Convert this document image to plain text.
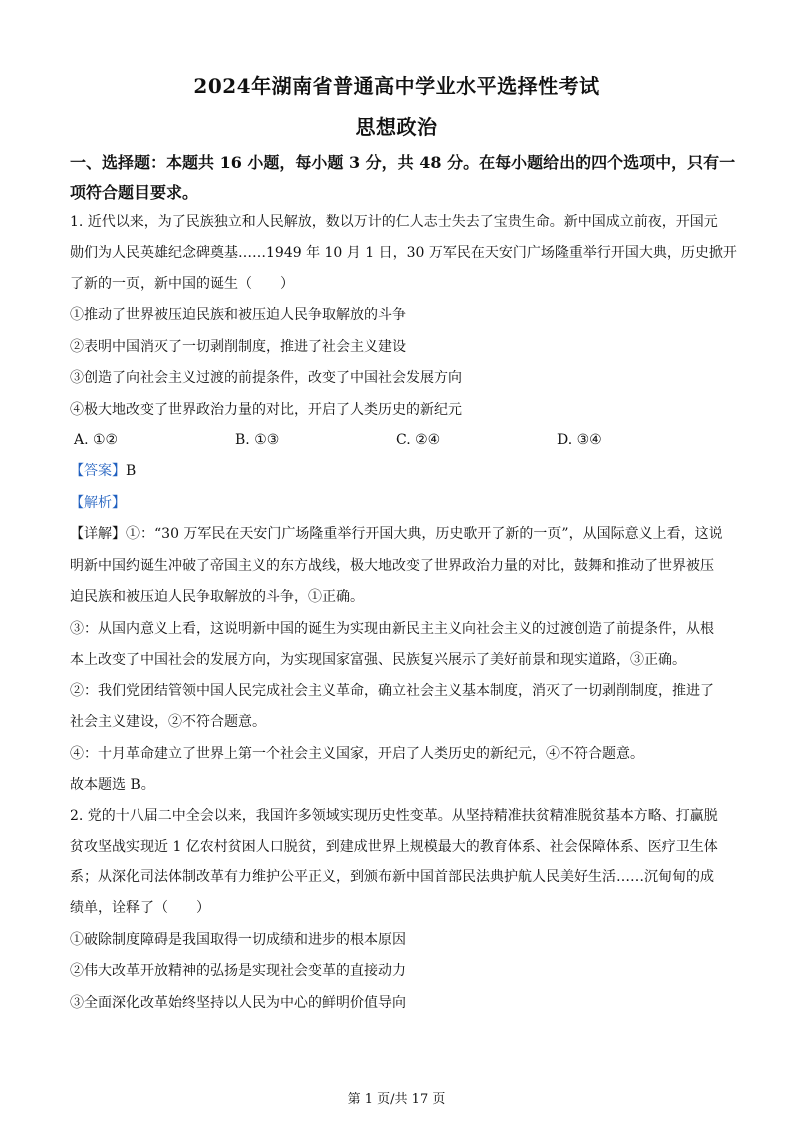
2024年湖南省普通高中学业水平选择性考试
思想政治
一、选择题：本题共 16 小题，每小题 3 分，共 48 分。在每小题给出的四个选项中，只有一
项符合题目要求。
1. 近代以来，为了民族独立和人民解放，数以万计的仁人志士失去了宝贵生命。新中国成立前夜，开国元
勋们为人民英雄纪念碑奠基……1949 年 10 月 1 日，30 万军民在天安门广场隆重举行开国大典，历史掀开
了新的一页，新中国的诞生（　　）
①推动了世界被压迫民族和被压迫人民争取解放的斗争
②表明中国消灭了一切剥削制度，推进了社会主义建设
③创造了向社会主义过渡的前提条件，改变了中国社会发展方向
④极大地改变了世界政治力量的对比，开启了人类历史的新纪元
A. ①②	B. ①③	C. ②④	D. ③④
【答案】B
【解析】
【详解】①：“30 万军民在天安门广场隆重举行开国大典，历史歌开了新的一页”，从国际意义上看，这说
明新中国约诞生冲破了帝国主义的东方战线，极大地改变了世界政治力量的对比，鼓舞和推动了世界被压
迫民族和被压迫人民争取解放的斗争，①正确。
③：从国内意义上看，这说明新中国的诞生为实现由新民主主义向社会主义的过渡创造了前提条件，从根
本上改变了中国社会的发展方向，为实现国家富强、民族复兴展示了美好前景和现实道路，③正确。
②：我们党团结管领中国人民完成社会主义革命，确立社会主义基本制度，消灭了一切剥削制度，推进了
社会主义建设，②不符合题意。
④：十月革命建立了世界上第一个社会主义国家，开启了人类历史的新纪元，④不符合题意。
故本题选 B。
2. 党的十八届二中全会以来，我国许多领域实现历史性变革。从坚持精准扶贫精准脱贫基本方略、打赢脱
贫攻坚战实现近 1 亿农村贫困人口脱贫，到建成世界上规模最大的教育体系、社会保障体系、医疗卫生体
系；从深化司法体制改革有力维护公平正义，到颁布新中国首部民法典护航人民美好生活……沉甸甸的成
绩单，诠释了（　　）
①破除制度障碍是我国取得一切成绩和进步的根本原因
②伟大改革开放精神的弘扬是实现社会变革的直接动力
③全面深化改革始终坚持以人民为中心的鲜明价值导向
第 1 页/共 17 页
